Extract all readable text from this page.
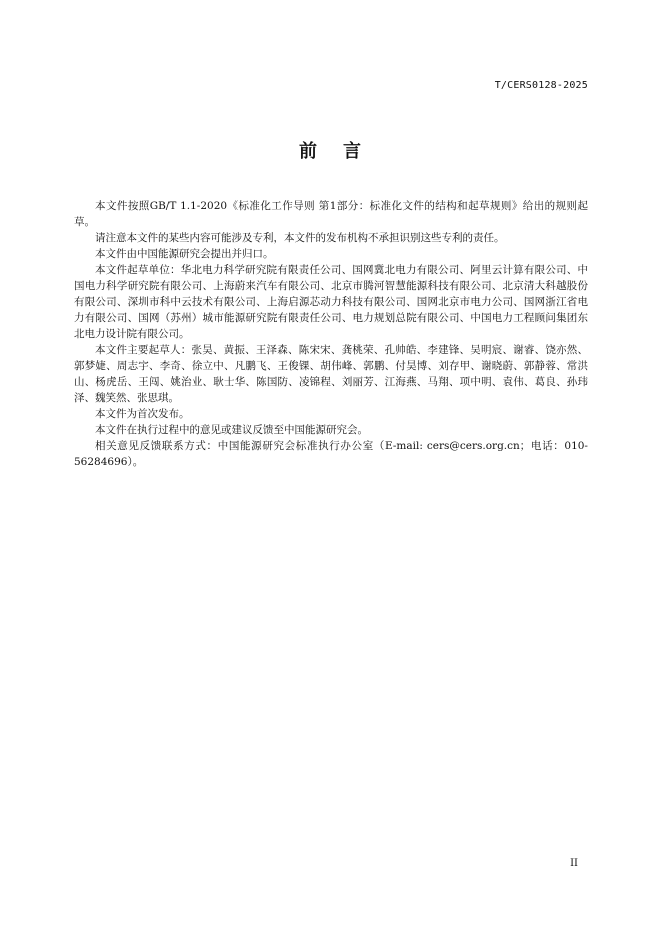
T/CERS0128-2025
前 言

本文件按照GB/T 1.1-2020《标准化工作导则 第1部分：标准化文件的结构和起草规则》给出的规则起草。

请注意本文件的某些内容可能涉及专利，本文件的发布机构不承担识别这些专利的责任。

本文件由中国能源研究会提出并归口。

本文件起草单位：华北电力科学研究院有限责任公司、国网冀北电力有限公司、阿里云计算有限公司、中国电力科学研究院有限公司、上海蔚来汽车有限公司、北京市腾河智慧能源科技有限公司、北京清大科越股份有限公司、深圳市科中云技术有限公司、上海启源芯动力科技有限公司、国网北京市电力公司、国网浙江省电力有限公司、国网（苏州）城市能源研究院有限责任公司、电力规划总院有限公司、中国电力工程顾问集团东北电力设计院有限公司。

本文件主要起草人：张昊、黄振、王泽森、陈宋宋、龚桃荣、孔帅皓、李建锋、吴明宸、谢睿、饶亦然、郭梦婕、周志宇、李奇、徐立中、凡鹏飞、王俊锞、胡伟峰、郭鹏、付昊博、刘存甲、谢晓蔚、郭静蓉、常洪山、杨虎岳、王闯、姚治业、耿士华、陈国防、凌锦程、刘丽芳、江海燕、马翔、项中明、袁伟、葛良、孙玮泽、魏笑然、张思琪。

本文件为首次发布。

本文件在执行过程中的意见或建议反馈至中国能源研究会。

相关意见反馈联系方式：中国能源研究会标准执行办公室（E-mail: cers@cers.org.cn；电话：010-56284696）。

II
